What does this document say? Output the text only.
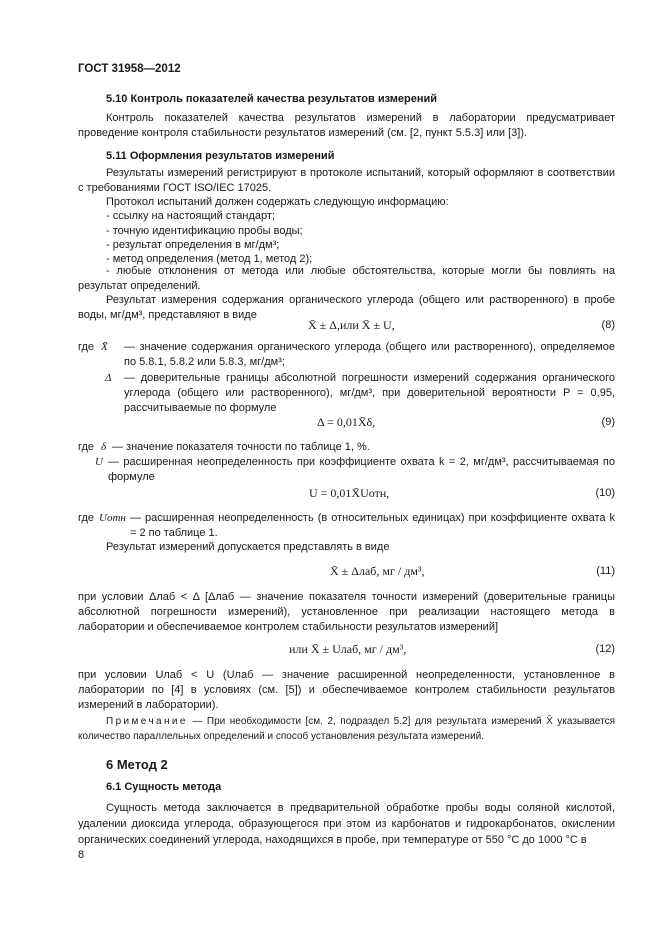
ГОСТ 31958—2012
5.10 Контроль показателей качества результатов измерений
Контроль показателей качества результатов измерений в лаборатории предусматривает проведение контроля стабильности результатов измерений (см. [2, пункт 5.5.3] или [3]).
5.11 Оформления результатов измерений
Результаты измерений регистрируют в протоколе испытаний, который оформляют в соответствии с требованиями ГОСТ ISO/IEC 17025.
Протокол испытаний должен содержать следующую информацию:
- ссылку на настоящий стандарт;
- точную идентификацию пробы воды;
- результат определения в мг/дм³;
- метод определения (метод 1, метод 2);
- любые отклонения от метода или любые обстоятельства, которые могли бы повлиять на результат определений.
Результат измерения содержания органического углерода (общего или растворенного) в пробе воды, мг/дм³, представляют в виде
X̄ ± Δ,или X̄ ± U,	(8)
где X̄ — значение содержания органического углерода (общего или растворенного), определяемое по 5.8.1, 5.8.2 или 5.8.3, мг/дм³;
Δ — доверительные границы абсолютной погрешности измерений содержания органического углерода (общего или растворенного), мг/дм³, при доверительной вероятности P = 0,95, рассчитываемые по формуле
Δ = 0,01X̄δ,	(9)
где δ — значение показателя точности по таблице 1, %.
U — расширенная неопределенность при коэффициенте охвата k = 2, мг/дм³, рассчитываемая по формуле
U = 0,01X̄Uотн,	(10)
где Uотн — расширенная неопределенность (в относительных единицах) при коэффициенте охвата k = 2 по таблице 1.
Результат измерений допускается представлять в виде
X̄ ± Δлаб, мг / дм³,	(11)
при условии Δлаб < Δ [Δлаб — значение показателя точности измерений (доверительные границы абсолютной погрешности измерений), установленное при реализации настоящего метода в лаборатории и обеспечиваемое контролем стабильности результатов измерений]
или X̄ ± Uлаб, мг / дм³,	(12)
при условии Uлаб < U (Uлаб — значение расширенной неопределенности, установленное в лаборатории по [4] в условиях (см. [5]) и обеспечиваемое контролем стабильности результатов измерений в лаборатории).
Примечание — При необходимости [см. 2, подраздел 5.2] для результата измерений X̄ указывается количество параллельных определений и способ установления результата измерений.
6 Метод 2
6.1 Сущность метода
Сущность метода заключается в предварительной обработке пробы воды соляной кислотой, удалении диоксида углерода, образующегося при этом из карбонатов и гидрокарбонатов, окислении органических соединений углерода, находящихся в пробе, при температуре от 550 °С до 1000 °С в
8
